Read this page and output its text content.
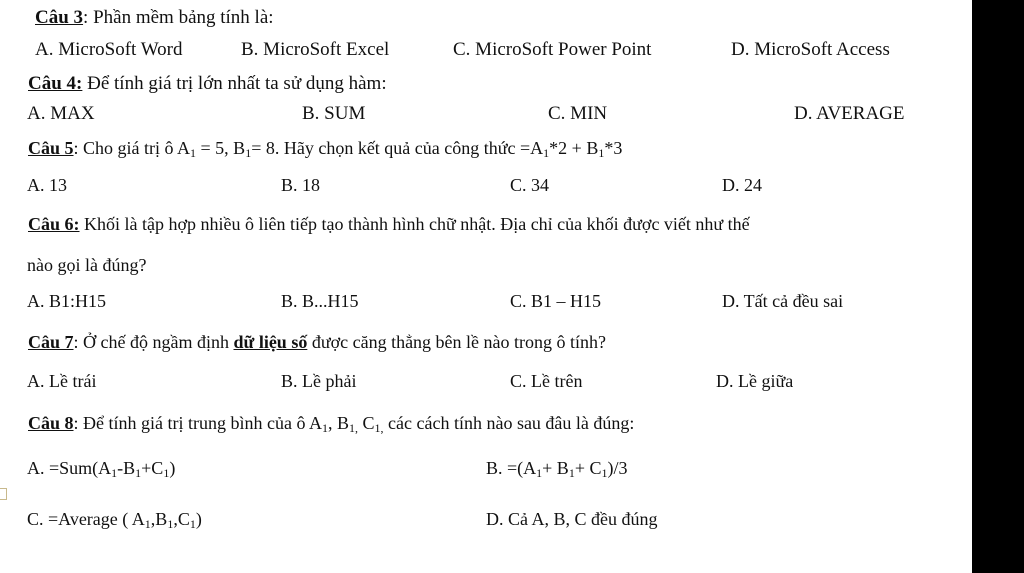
Câu 3: Phần mềm bảng tính là:
A. MicroSoft Word	B. MicroSoft Excel	C. MicroSoft Power Point	D. MicroSoft Access
Câu 4: Để tính giá trị lớn nhất ta sử dụng hàm:
A. MAX	B. SUM	C. MIN	D. AVERAGE
Câu 5: Cho giá trị ô $A_1 = 5$, $B_1= 8$. Hãy chọn kết quả của công thức $=A_1*2 + B_1*3$
A. 13	B. 18	C. 34	D. 24
Câu 6: Khối là tập hợp nhiều ô liên tiếp tạo thành hình chữ nhật. Địa chỉ của khối được viết như thế
nào gọi là đúng?
A. B1:H15	B. B...H15	C. B1 – H15	D. Tất cả đều sai
Câu 7: Ở chế độ ngầm định dữ liệu số được căng thẳng bên lề nào trong ô tính?
A. Lề trái	B. Lề phải	C. Lề trên	D. Lề giữa
Câu 8: Để tính giá trị trung bình của ô $A_1$, $B_{1,}$ $C_{1,}$ các cách tính nào sau đâu là đúng:
A. $=Sum(A_1-B_1+C_1)$	B. $=(A_1+ B_1+ C_1)/3$
C. =Average ( $A_1,B_1,C_1$)	D. Cả A, B, C đều đúng
